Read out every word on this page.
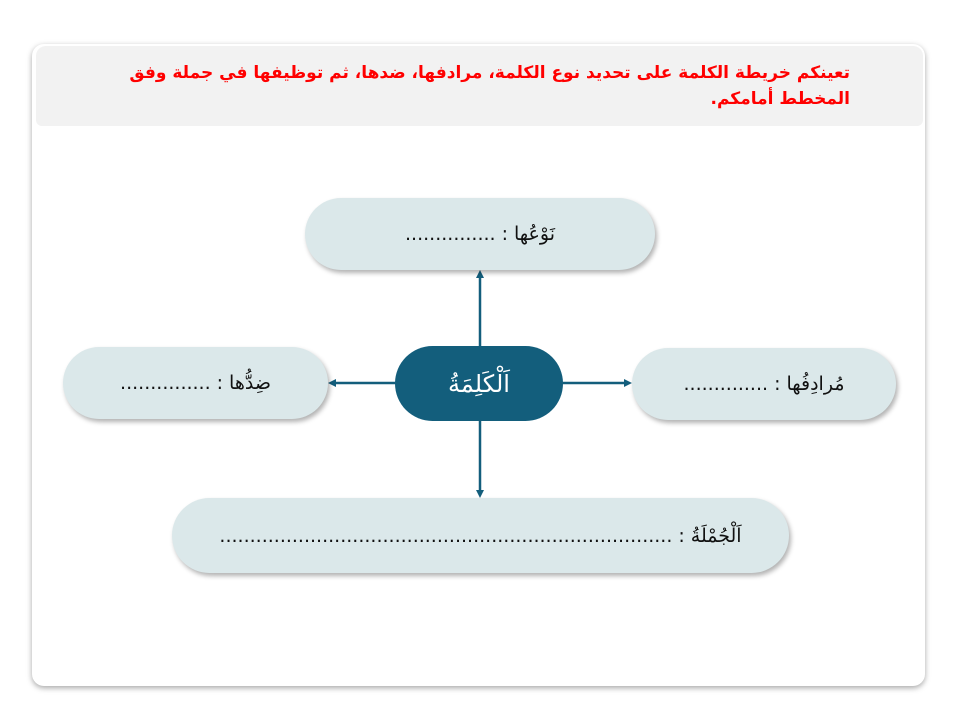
تعينكم خريطة الكلمة على تحديد نوع الكلمة، مرادفها، ضدها، ثم توظيفها في جملة وفق المخطط أمامكم.
نَوْعُها
:
...............
ضِدُّها
:
...............	مُرادِفُها
:
..............
اَلْجُمْلَةُ
:
...........................................................................
اَلْكَلِمَةُ
